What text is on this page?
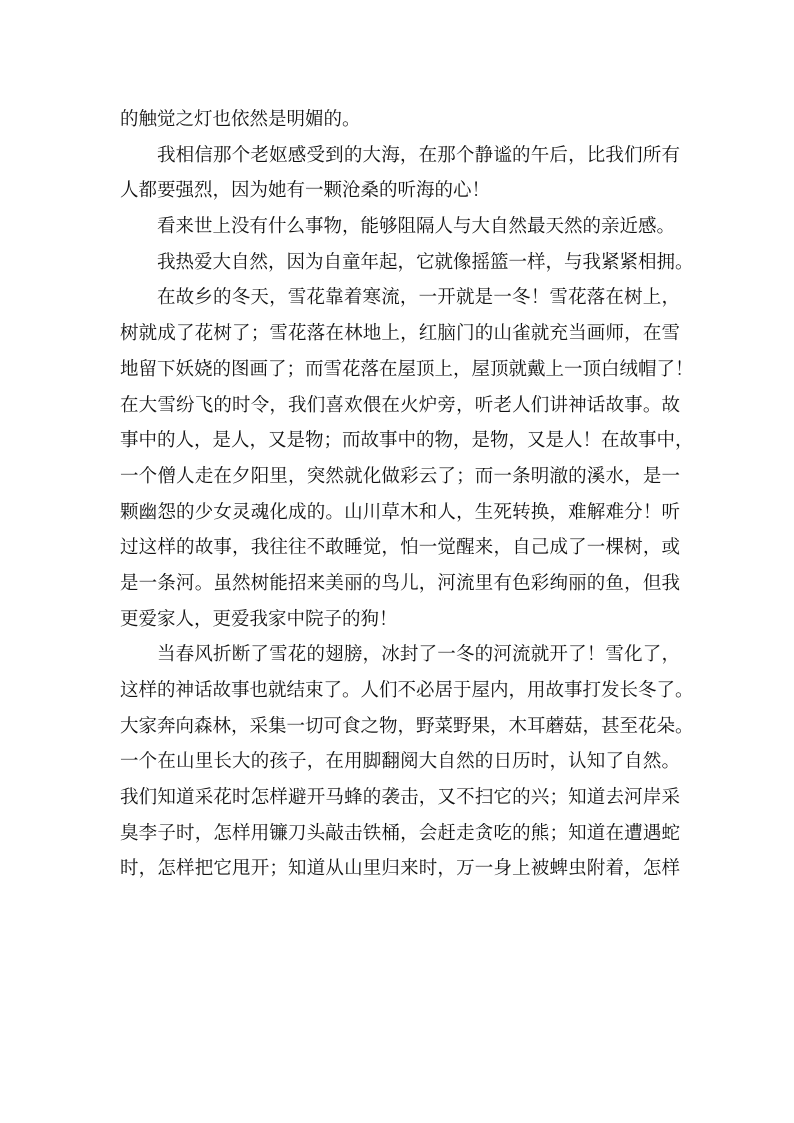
的触觉之灯也依然是明媚的。
我相信那个老妪感受到的大海，在那个静谧的午后，比我们所有
人都要强烈，因为她有一颗沧桑的听海的心！
看来世上没有什么事物，能够阻隔人与大自然最天然的亲近感。
我热爱大自然，因为自童年起，它就像摇篮一样，与我紧紧相拥。
在故乡的冬天，雪花靠着寒流，一开就是一冬！雪花落在树上，
树就成了花树了；雪花落在林地上，红脑门的山雀就充当画师，在雪
地留下妖娆的图画了；而雪花落在屋顶上，屋顶就戴上一顶白绒帽了！
在大雪纷飞的时令，我们喜欢偎在火炉旁，听老人们讲神话故事。故
事中的人，是人，又是物；而故事中的物，是物，又是人！在故事中，
一个僧人走在夕阳里，突然就化做彩云了；而一条明澈的溪水，是一
颗幽怨的少女灵魂化成的。山川草木和人，生死转换，难解难分！听
过这样的故事，我往往不敢睡觉，怕一觉醒来，自己成了一棵树，或
是一条河。虽然树能招来美丽的鸟儿，河流里有色彩绚丽的鱼，但我
更爱家人，更爱我家中院子的狗！
当春风折断了雪花的翅膀，冰封了一冬的河流就开了！雪化了，
这样的神话故事也就结束了。人们不必居于屋内，用故事打发长冬了。
大家奔向森林，采集一切可食之物，野菜野果，木耳蘑菇，甚至花朵。
一个在山里长大的孩子，在用脚翻阅大自然的日历时，认知了自然。
我们知道采花时怎样避开马蜂的袭击，又不扫它的兴；知道去河岸采
臭李子时，怎样用镰刀头敲击铁桶，会赶走贪吃的熊；知道在遭遇蛇
时，怎样把它甩开；知道从山里归来时，万一身上被蜱虫附着，怎样
